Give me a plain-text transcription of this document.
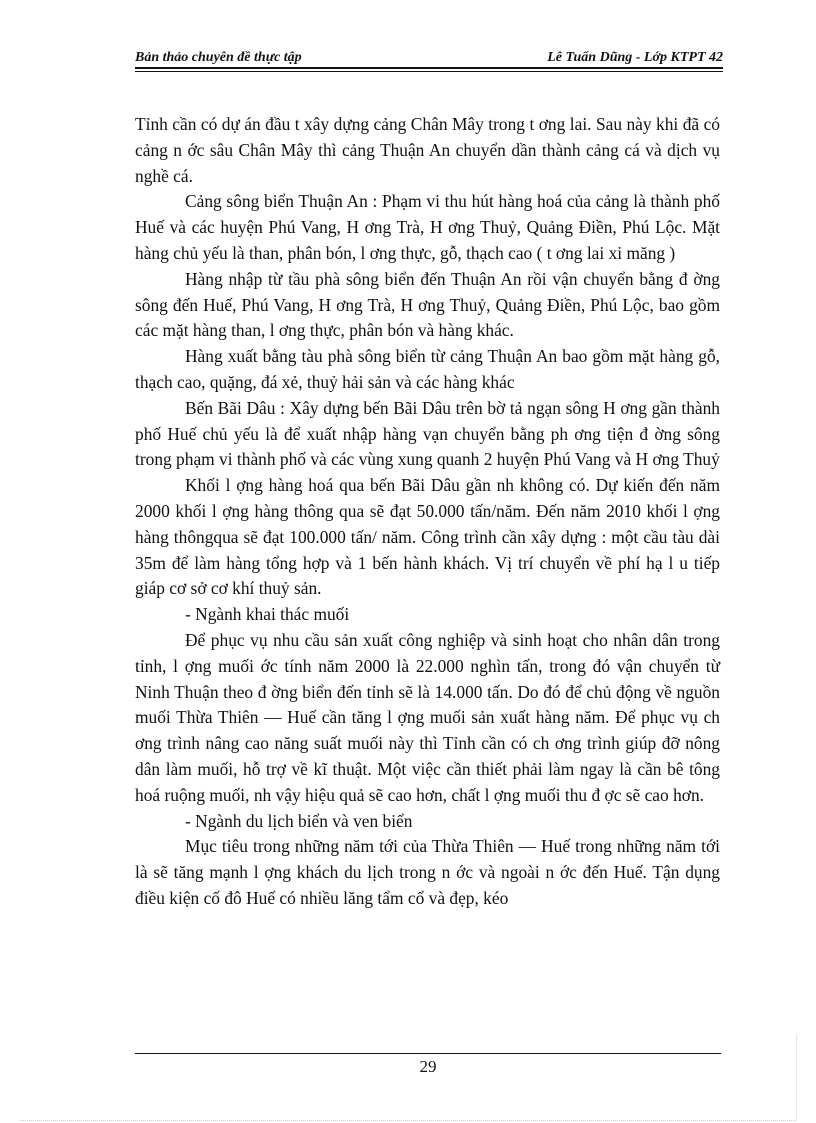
Bản thảo chuyên đề thực tập	Lê Tuấn Dũng - Lớp KTPT 42

Tỉnh cần có dự án đầu t xây dựng cảng Chân Mây trong t ơng lai. Sau này khi đã có cảng n ớc sâu Chân Mây thì cảng Thuận An chuyển dần thành cảng cá và dịch vụ nghề cá.

Cảng sông biển Thuận An : Phạm vi thu hút hàng hoá của cảng là thành phố Huế và các huyện Phú Vang, H ơng Trà, H ơng Thuỷ, Quảng Điền, Phú Lộc. Mặt hàng chủ yếu là than, phân bón, l ơng thực, gỗ, thạch cao ( t ơng lai xi măng )

Hàng nhập từ tầu phà sông biển đến Thuận An rồi vận chuyển bằng đ ờng sông đến Huế, Phú Vang, H ơng Trà, H ơng Thuỷ, Quảng Điền, Phú Lộc, bao gồm các mặt hàng than, l ơng thực, phân bón và hàng khác.

Hàng xuất bằng tàu phà sông biển từ cảng Thuận An bao gồm mặt hàng gỗ, thạch cao, quặng, đá xẻ, thuỷ hải sản và các hàng khác

Bến Bãi Dâu : Xây dựng bến Bãi Dâu trên bờ tả ngạn sông H ơng gần thành phố Huế chủ yếu là để xuất nhập hàng vạn chuyển bằng ph ơng tiện đ ờng sông trong phạm vi thành phố và các vùng xung quanh 2 huyện Phú Vang và H ơng Thuỷ

Khối l ợng hàng hoá qua bến Bãi Dâu gần nh không có. Dự kiến đến năm 2000 khối l ợng hàng thông qua sẽ đạt 50.000 tấn/năm. Đến năm 2010 khối l ợng hàng thôngqua sẽ đạt 100.000 tấn/ năm. Công trình cần xây dựng : một cầu tàu dài 35m để làm hàng tổng hợp và 1 bến hành khách. Vị trí chuyển về phí hạ l u tiếp giáp cơ sở cơ khí thuỷ sản.

- Ngành khai thác muối

Để phục vụ nhu cầu sản xuất công nghiệp và sinh hoạt cho nhân dân trong tỉnh, l ợng muối ớc tính năm 2000 là 22.000 nghìn tấn, trong đó vận chuyển từ Ninh Thuận theo đ ờng biển đến tỉnh sẽ là 14.000 tấn. Do đó để chủ động về nguồn muối Thừa Thiên — Huế cần tăng l ợng muối sản xuất hàng năm. Để phục vụ ch ơng trình nâng cao năng suất muối này thì Tỉnh cần có ch ơng trình giúp đỡ nông dân làm muối, hỗ trợ về kĩ thuật. Một việc cần thiết phải làm ngay là cần bê tông hoá ruộng muối, nh vậy hiệu quả sẽ cao hơn, chất l ợng muối thu đ ợc sẽ cao hơn.

- Ngành du lịch biển và ven biển

Mục tiêu trong những năm tới của Thừa Thiên — Huế trong những năm tới là sẽ tăng mạnh l ợng khách du lịch trong n ớc và ngoài n ớc đến Huế. Tận dụng điều kiện cố đô Huế có nhiều lăng tẩm cổ và đẹp, kéo

29
